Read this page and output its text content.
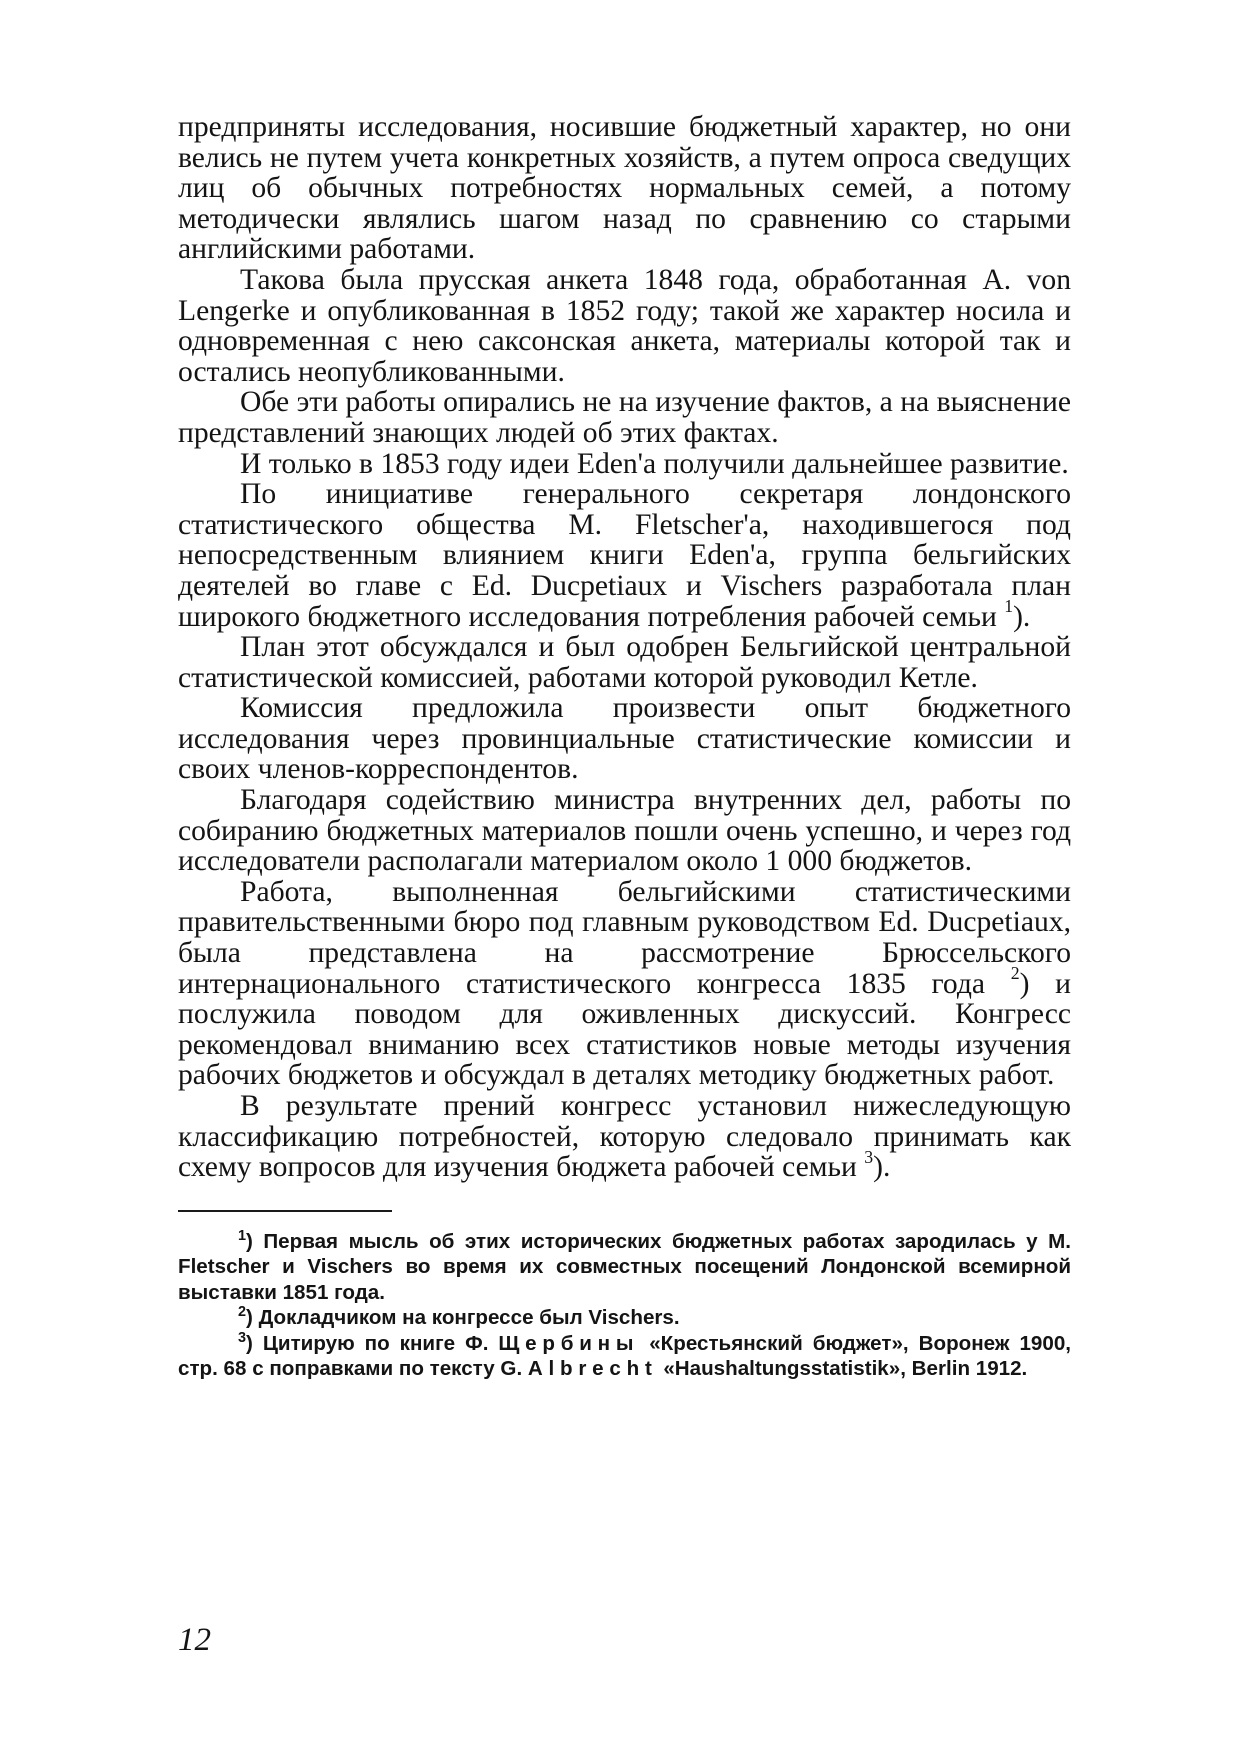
предприняты исследования, носившие бюджетный характер, но они велись не путем учета конкретных хозяйств, а путем опроса сведущих лиц об обычных потребностях нормальных семей, а потому методически являлись шагом назад по сравнению со старыми английскими работами.

Такова была прусская анкета 1848 года, обработанная A. von Lengerke и опубликованная в 1852 году; такой же характер носила и одновременная с нею саксонская анкета, материалы которой так и остались неопубликованными.

Обе эти работы опирались не на изучение фактов, а на выяснение представлений знающих людей об этих фактах.

И только в 1853 году идеи Eden'а получили дальнейшее развитие.

По инициативе генерального секретаря лондонского статистического общества M. Fletscher'а, находившегося под непосредственным влиянием книги Eden'a, группа бельгийских деятелей во главе с Ed. Ducpetiaux и Vischers разработала план широкого бюджетного исследования потребления рабочей семьи $^1$).

План этот обсуждался и был одобрен Бельгийской центральной статистической комиссией, работами которой руководил Кетле.

Комиссия предложила произвести опыт бюджетного исследования через провинциальные статистические комиссии и своих членов-корреспондентов.

Благодаря содействию министра внутренних дел, работы по собиранию бюджетных материалов пошли очень успешно, и через год исследователи располагали материалом около 1 000 бюджетов.

Работа, выполненная бельгийскими статистическими правительственными бюро под главным руководством Ed. Ducpetiaux, была представлена на рассмотрение Брюссельского интернационального статистического конгресса 1835 года $^2$) и послужила поводом для оживленных дискуссий. Конгресс рекомендовал вниманию всех статистиков новые методы изучения рабочих бюджетов и обсуждал в деталях методику бюджетных работ.

В результате прений конгресс установил нижеследующую классификацию потребностей, которую следовало принимать как схему вопросов для изучения бюджета рабочей семьи $^3$).

$^1$) Первая мысль об этих исторических бюджетных работах зародилась у M. Fletscher и Vischers во время их совместных посещений Лондонской всемирной выставки 1851 года.

$^2$) Докладчиком на конгрессе был Vischers.

$^3$) Цитирую по книге Ф. Щербины «Крестьянский бюджет», Воронеж 1900, стр. 68 с поправками по тексту G. Albrecht «Haushaltungsstatistik», Berlin 1912.

12
